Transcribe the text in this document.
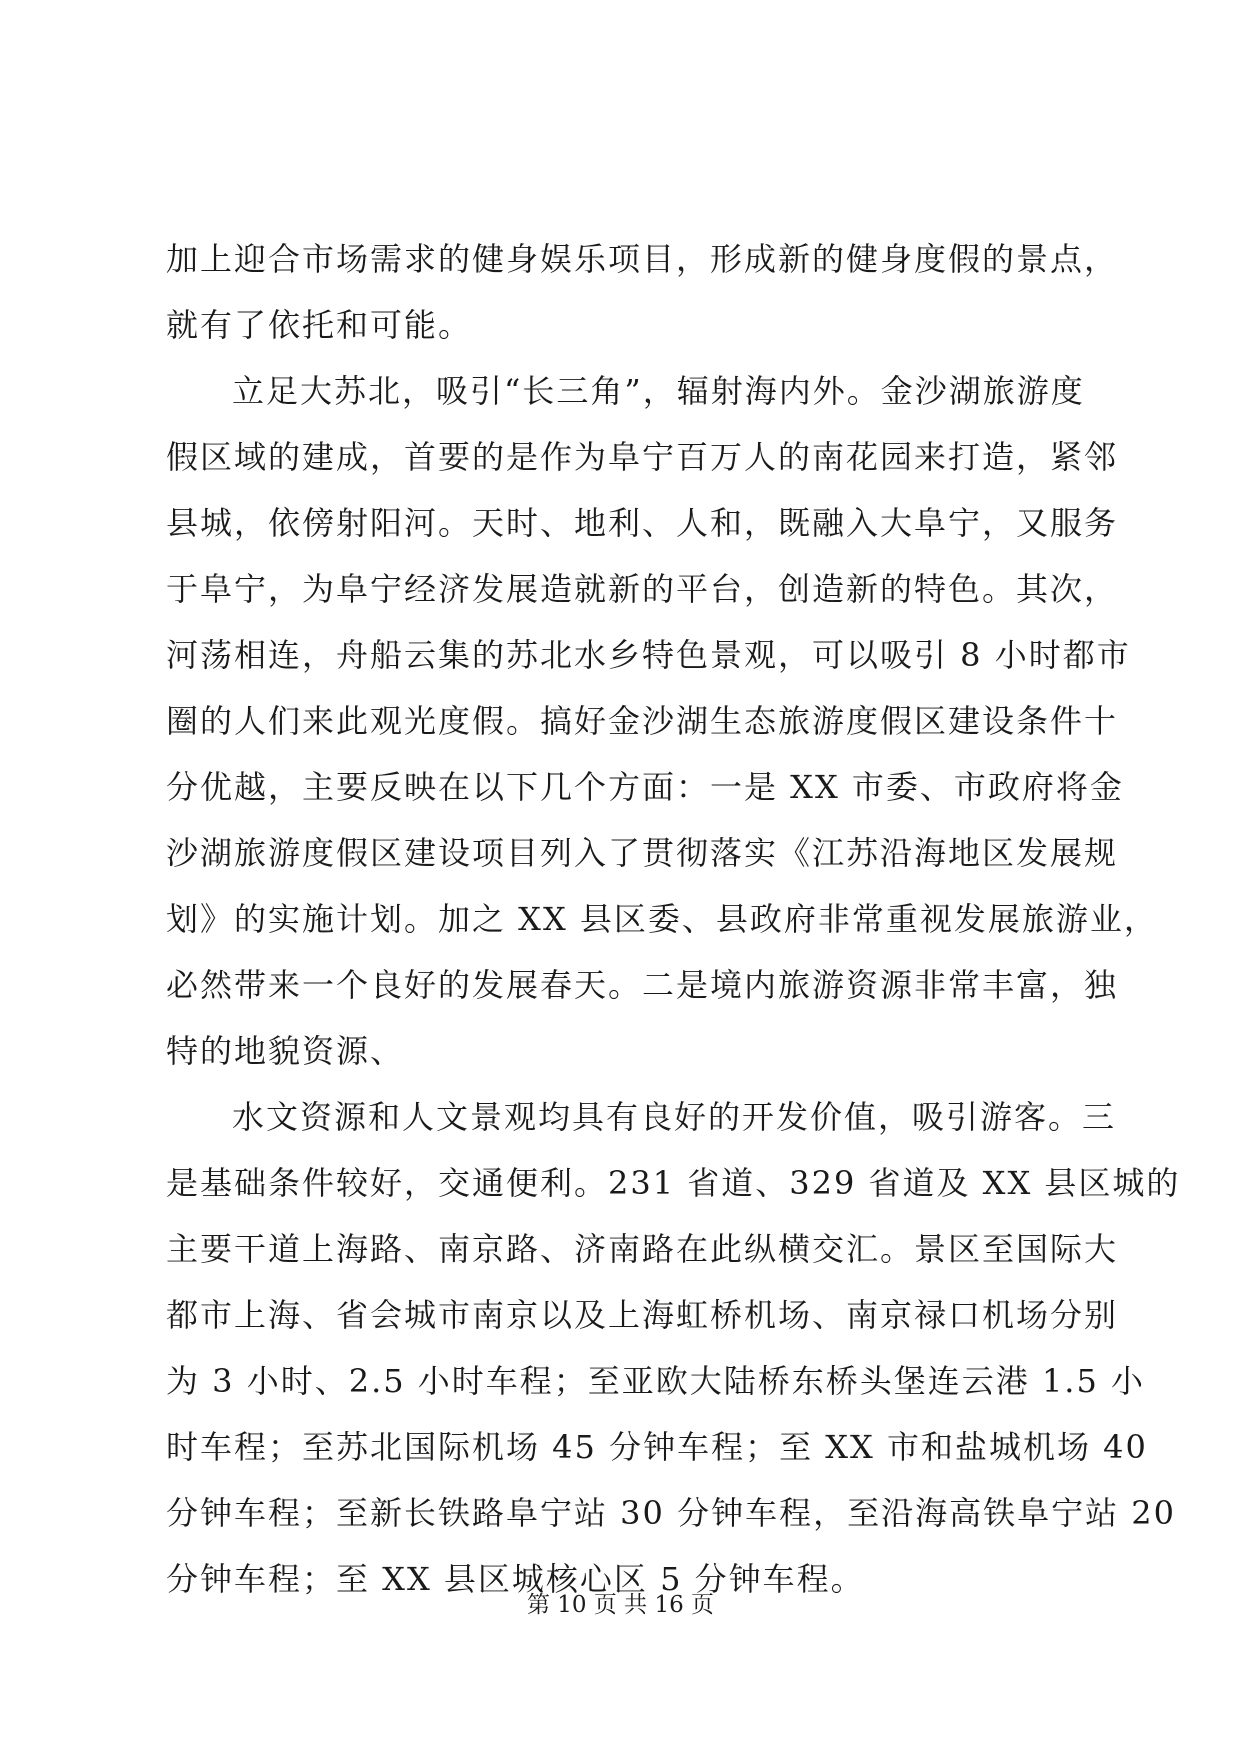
加上迎合市场需求的健身娱乐项目，形成新的健身度假的景点，
就有了依托和可能。
立足大苏北，吸引“长三角”，辐射海内外。金沙湖旅游度
假区域的建成，首要的是作为阜宁百万人的南花园来打造，紧邻
县城，依傍射阳河。天时、地利、人和，既融入大阜宁，又服务
于阜宁，为阜宁经济发展造就新的平台，创造新的特色。其次，
河荡相连，舟船云集的苏北水乡特色景观，可以吸引 8 小时都市
圈的人们来此观光度假。搞好金沙湖生态旅游度假区建设条件十
分优越，主要反映在以下几个方面：一是 XX 市委、市政府将金
沙湖旅游度假区建设项目列入了贯彻落实《江苏沿海地区发展规
划》的实施计划。加之 XX 县区委、县政府非常重视发展旅游业，
必然带来一个良好的发展春天。二是境内旅游资源非常丰富，独
特的地貌资源、
水文资源和人文景观均具有良好的开发价值，吸引游客。三
是基础条件较好，交通便利。231 省道、329 省道及 XX 县区城的
主要干道上海路、南京路、济南路在此纵横交汇。景区至国际大
都市上海、省会城市南京以及上海虹桥机场、南京禄口机场分别
为 3 小时、2.5 小时车程；至亚欧大陆桥东桥头堡连云港 1.5 小
时车程；至苏北国际机场 45 分钟车程；至 XX 市和盐城机场 40
分钟车程；至新长铁路阜宁站 30 分钟车程，至沿海高铁阜宁站 20
分钟车程；至 XX 县区城核心区 5 分钟车程。
第 10 页 共 16 页
